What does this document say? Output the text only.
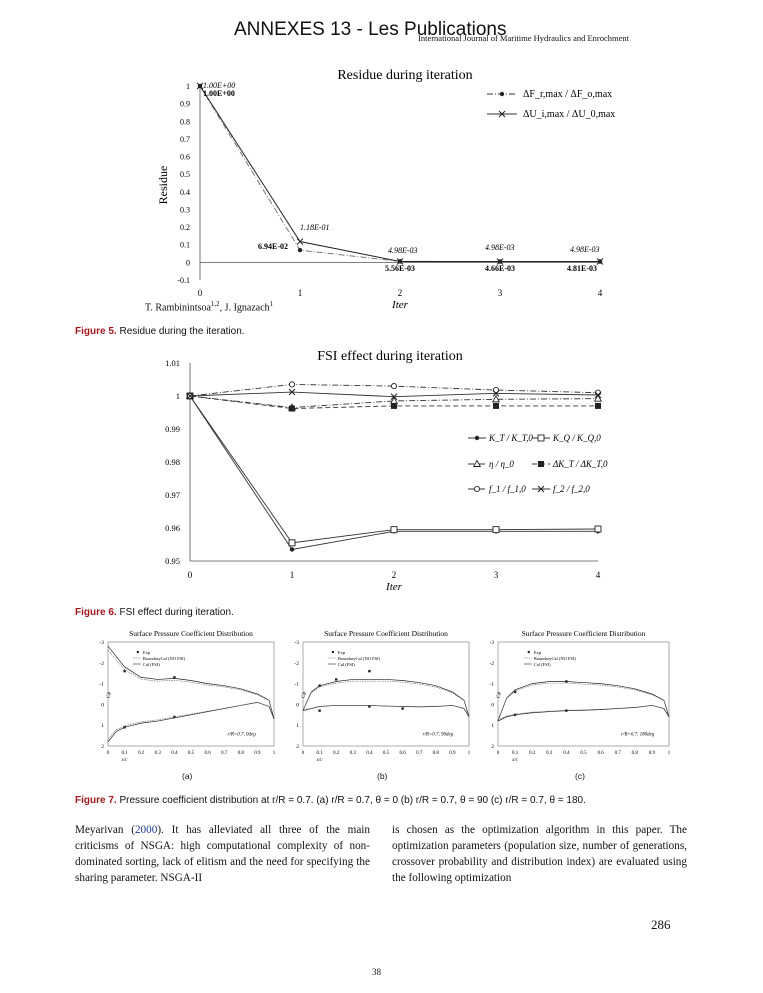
ANNEXES 13 - Les Publications
International Journal of Maritime Hydraulics and Enrochment
Residue during iteration
1
0.9
0.8
0.7
0.6
0.5
0.4
0.3
0.2
0.1
0
-0.1
0	1	2	3	4
Iter
Residue
1.00E+00
6.94E-02
5.56E-03	4.66E-03	4.81E-03
1.00E+00
1.18E-01
4.98E-03	4.98E-03	4.98E-03
ΔF_r,max / ΔF_o,max
ΔU_i,max / ΔU_0,max
T. Rambinintsoa$^{1,2}$, J. Ignazach$^1$
Figure 5. Residue during the iteration.
FSI effect during iteration
1.01
1
0.99
0.98
0.97
0.96
0.95
0	1	2	3	4
Iter
K_T / K_T,0 K_Q / K_Q,0
η / η_0	ΔK_T / ΔK_T,0
f_1 / f_1,0	f_2 / f_2,0
Figure 6. FSI effect during iteration.
Surface Pressure Coefficient Distribution
-3
-2
-1
0
1
2
0 0.1 0.2 0.3 0.4 0.5 0.6 0.7 0.8 0.9 1
x/c
Cp
Exp
BoundaryCal (NO FSI)
Cal (FSI)
r/R=0.7, 0deg
Surface Pressure Coefficient Distribution
-3
-2
-1
0
1
2
0 0.1 0.2 0.3 0.4 0.5 0.6 0.7 0.8 0.9 1
x/c
Cp
Exp
BoundaryCal (NO FSI)
Cal (FSI)
r/R=0.7, 90deg
Surface Pressure Coefficient Distribution
-3
-2
-1
0
1
2
0	0.1 0.2 0.3 0.4 0.5 0.6 0.7 0.8 0.9	1
x/c
Cp
Exp
BoundaryCal (NO FSI)
Cal (FSI)
r/R=0.7, 180deg
(a)	(b)	(c)
Figure 7. Pressure coefficient distribution at r/R = 0.7. (a) r/R = 0.7, θ = 0 (b) r/R = 0.7, θ = 90 (c) r/R = 0.7, θ = 180.
Meyarivan (2000). It has alleviated all three of the main criticisms of NSGA: high computational complexity of non-dominated sorting, lack of elitism and the need for specifying the sharing parameter. NSGA-II
is chosen as the optimization algorithm in this paper. The optimization parameters (population size, number of generations, crossover probability and distribution index) are evaluated using the following optimization
286
38
